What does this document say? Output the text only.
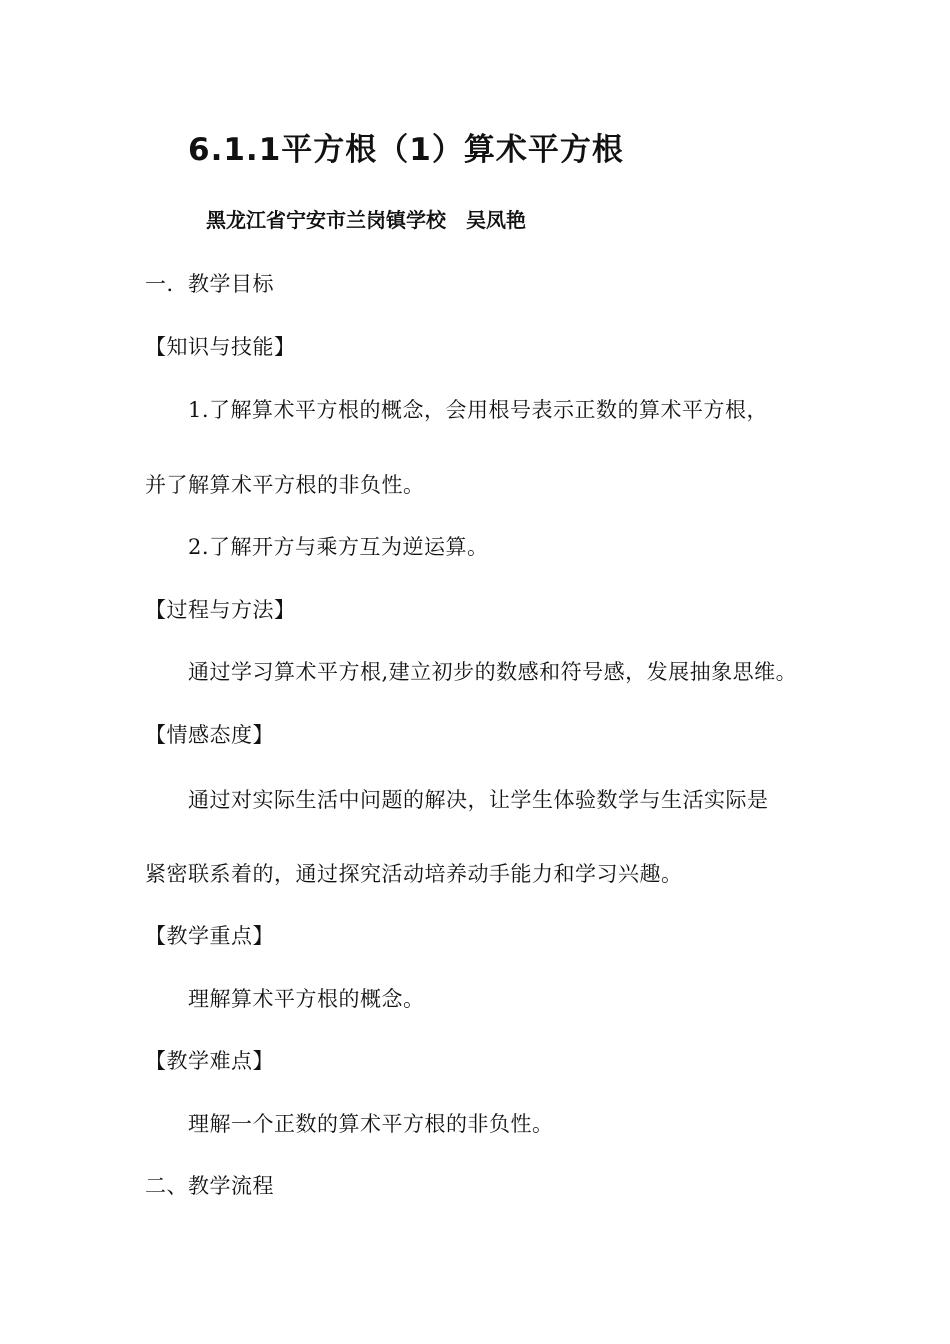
6.1.1平方根（1）算术平方根
黑龙江省宁安市兰岗镇学校　吴凤艳
一．教学目标
【知识与技能】
1.了解算术平方根的概念，会用根号表示正数的算术平方根，
并了解算术平方根的非负性。
2.了解开方与乘方互为逆运算。
【过程与方法】
通过学习算术平方根,建立初步的数感和符号感，发展抽象思维。
【情感态度】
通过对实际生活中问题的解决，让学生体验数学与生活实际是
紧密联系着的，通过探究活动培养动手能力和学习兴趣。
【教学重点】
理解算术平方根的概念。
【教学难点】
理解一个正数的算术平方根的非负性。
二、教学流程
